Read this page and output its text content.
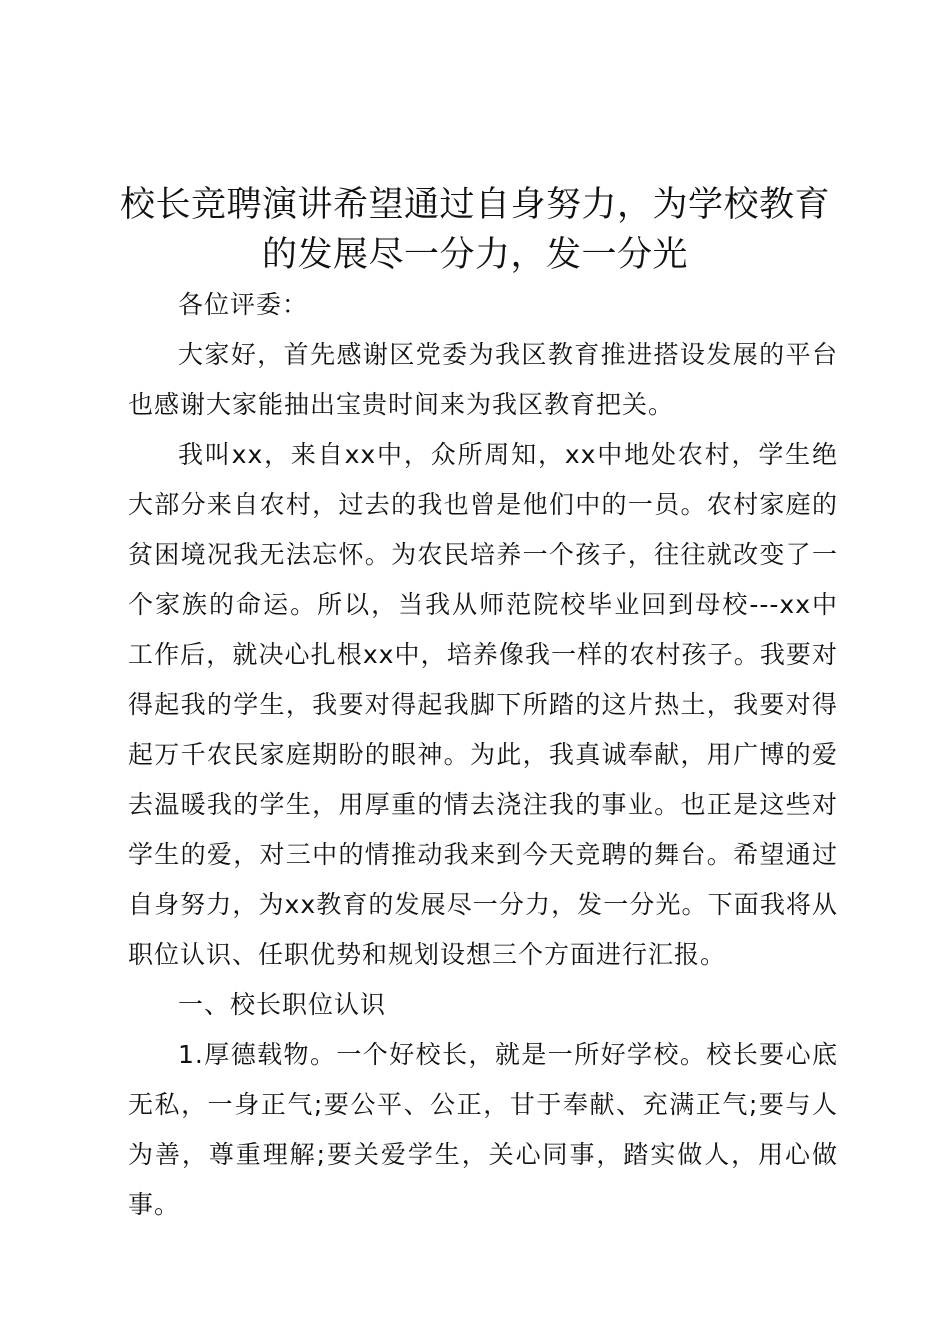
校长竞聘演讲希望通过自身努力，为学校教育的发展尽一分力，发一分光

各位评委：

大家好，首先感谢区党委为我区教育推进搭设发展的平台也感谢大家能抽出宝贵时间来为我区教育把关。

我叫xx，来自xx中，众所周知，xx中地处农村，学生绝大部分来自农村，过去的我也曾是他们中的一员。农村家庭的贫困境况我无法忘怀。为农民培养一个孩子，往往就改变了一个家族的命运。所以，当我从师范院校毕业回到母校---xx中工作后，就决心扎根xx中，培养像我一样的农村孩子。我要对得起我的学生，我要对得起我脚下所踏的这片热土，我要对得起万千农民家庭期盼的眼神。为此，我真诚奉献，用广博的爱去温暖我的学生，用厚重的情去浇注我的事业。也正是这些对学生的爱，对三中的情推动我来到今天竞聘的舞台。希望通过自身努力，为xx教育的发展尽一分力，发一分光。下面我将从职位认识、任职优势和规划设想三个方面进行汇报。

一、校长职位认识

1.厚德载物。一个好校长，就是一所好学校。校长要心底无私，一身正气;要公平、公正，甘于奉献、充满正气;要与人为善，尊重理解;要关爱学生，关心同事，踏实做人，用心做事。
